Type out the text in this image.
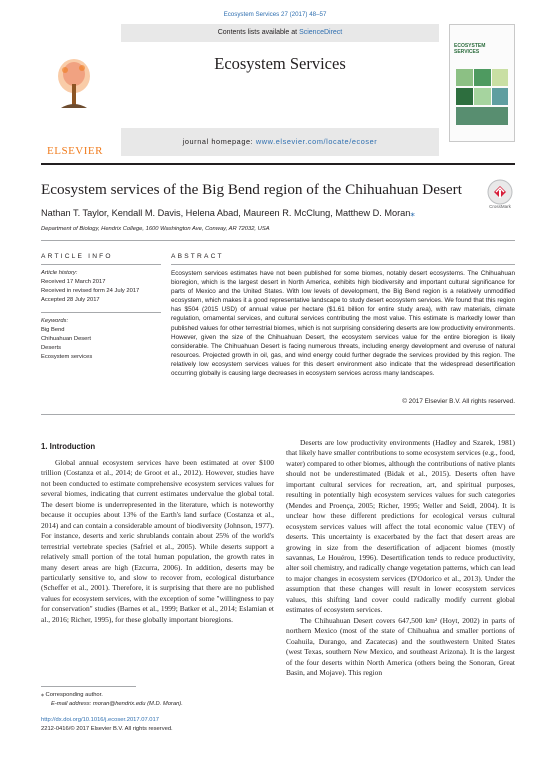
Ecosystem Services 27 (2017) 48–57
ELSEVIER
Contents lists available at ScienceDirect
Ecosystem Services
journal homepage: www.elsevier.com/locate/ecoser
ECOSYSTEM
SERVICES
Ecosystem services of the Big Bend region of the Chihuahuan Desert
CrossMark
Nathan T. Taylor, Kendall M. Davis, Helena Abad, Maureen R. McClung, Matthew D. Moran⁎
Department of Biology, Hendrix College, 1600 Washington Ave, Conway, AR 72032, USA
ARTICLE INFO
Article history:
Received 17 March 2017
Received in revised form 24 July 2017
Accepted 28 July 2017
Keywords:
Big Bend
Chihuahuan Desert
Deserts
Ecosystem services
ABSTRACT
Ecosystem services estimates have not been published for some biomes, notably desert ecosystems. The Chihuahuan bioregion, which is the largest desert in North America, exhibits high biodiversity and important cultural significance for parts of Mexico and the United States. With low levels of development, the Big Bend region is a relatively unmodified ecosystem, which makes it a good representative landscape to study desert ecosystem services. We found that this region has $504 (2015 USD) of annual value per hectare ($1.61 billion for entire study area), with raw materials, climate regulation, ornamental services, and cultural services contributing the most value. This estimate is markedly lower than published values for other terrestrial biomes, which is not surprising considering deserts are low productivity environments. However, given the size of the Chihuahuan Desert, the ecosystem services value for the entire bioregion is likely considerable. The Chihuahuan Desert is facing numerous threats, including energy development and overuse of natural resources. Projected growth in oil, gas, and wind energy could further degrade the services provided by this region. The relatively low ecosystem services values for this desert environment also indicate that the widespread desertification occurring globally is causing large decreases in ecosystem services across many landscapes.
© 2017 Elsevier B.V. All rights reserved.
1. Introduction

Global annual ecosystem services have been estimated at over $100 trillion (Costanza et al., 2014; de Groot et al., 2012). However, studies have not been conducted to estimate comprehensive ecosystem services values for several biomes, indicating that current estimates undervalue the global total. The desert biome is underrepresented in the literature, which is noteworthy because it occupies about 13% of the Earth's land surface (Costanza et al., 2014) and can contain a considerable amount of biodiversity (Johnson, 1977). For instance, deserts and xeric shrublands contain about 25% of the world's terrestrial vertebrate species (Safriel et al., 2005). While deserts support a relatively small portion of the total human population, the growth rates in many desert areas are high (Ezcurra, 2006). In addition, deserts may be particularly sensitive to, and slow to recover from, ecological disturbance (Scheffer et al., 2001). Therefore, it is surprising that there are no published values for ecosystem services, with the exception of some "willingness to pay for conservation" studies (Barnes et al., 1999; Batker et al., 2014; Eslamian et al., 2016; Richer, 1995), for these globally important bioregions.

Deserts are low productivity environments (Hadley and Szarek, 1981) that likely have smaller contributions to some ecosystem services (e.g., food, water) compared to other biomes, although the contributions of native plants should not be underestimated (Bidak et al., 2015). Deserts often have important cultural services for recreation, art, and spiritual purposes, resulting in potentially high ecosystem services values for such categories (Mendes and Proença, 2005; Richer, 1995; Weller and Seidl, 2004). It is unclear how these different predictions for ecological versus cultural ecosystem services values will affect the total economic value (TEV) of deserts. This uncertainty is exacerbated by the fact that desert areas are growing in size from the desertification of adjacent biomes (mostly savannas, Le Houérou, 1996). Desertification tends to reduce productivity, alter soil chemistry, and radically change vegetation patterns, which can lead to major changes in ecosystem services (D'Odorico et al., 2013). Under the assumption that these changes will result in lower ecosystem services values, this shifting land cover could radically modify current global estimates of ecosystem services.

The Chihuahuan Desert covers 647,500 km² (Hoyt, 2002) in parts of northern Mexico (most of the state of Chihuahua and smaller portions of Coahuila, Durango, and Zacatecas) and the southwestern United States (west Texas, southern New Mexico, and southeast Arizona). It is the largest of the four deserts within North America (others being the Sonoran, Great Basin, and Mojave). This region

⁎ Corresponding author.
E-mail address: moran@hendrix.edu (M.D. Moran).
http://dx.doi.org/10.1016/j.ecoser.2017.07.017
2212-0416/© 2017 Elsevier B.V. All rights reserved.
